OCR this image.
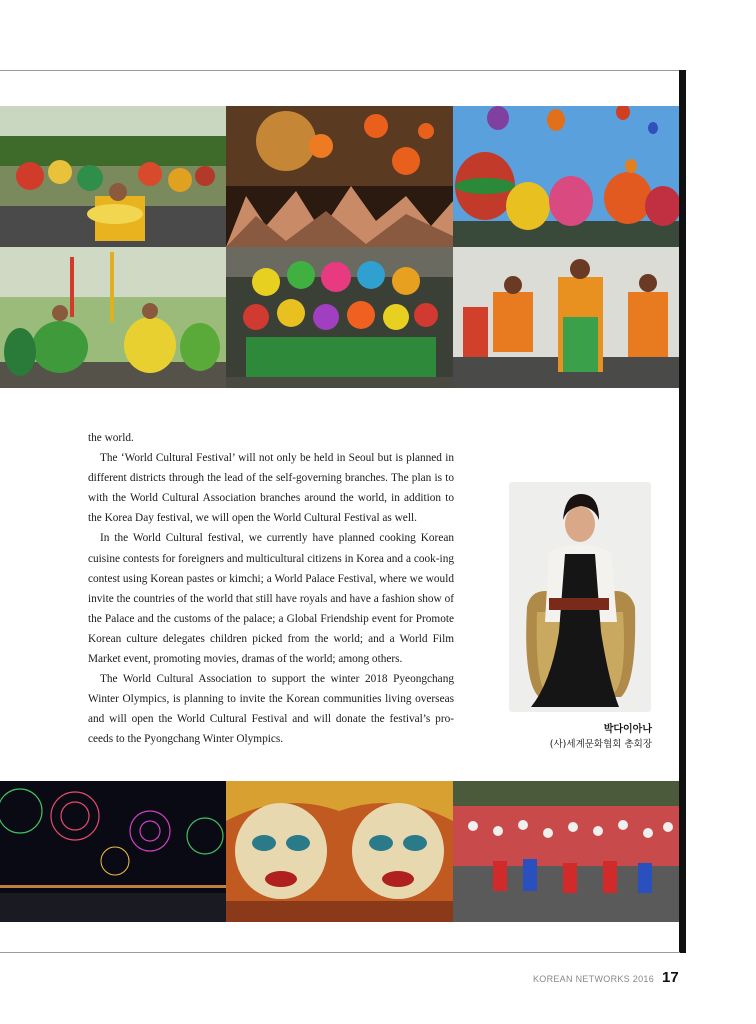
the world.

The ‘World Cultural Festival’ will not only be held in Seoul but is planned in different districts through the lead of the self-governing branches. The plan is to with the World Cultural Association branches around the world, in addition to the Korea Day festival, we will open the World Cultural Festival as well.

In the World Cultural festival, we currently have planned cooking Korean cuisine contests for foreigners and multicultural citizens in Korea and a cook-ing contest using Korean pastes or kimchi; a World Palace Festival, where we would invite the countries of the world that still have royals and have a fashion show of the Palace and the customs of the palace; a Global Friendship event for Promote Korean culture delegates children picked from the world; and a World Film Market event, promoting movies, dramas of the world; among others.

The World Cultural Association to support the winter 2018 Pyeongchang Winter Olympics, is planning to invite the Korean communities living overseas and will open the World Cultural Festival and will donate the festival’s pro-ceeds to the Pyongchang Winter Olympics.

박다이아나
(사)세계문화협회 총회장
KOREAN NETWORKS 2016 17
